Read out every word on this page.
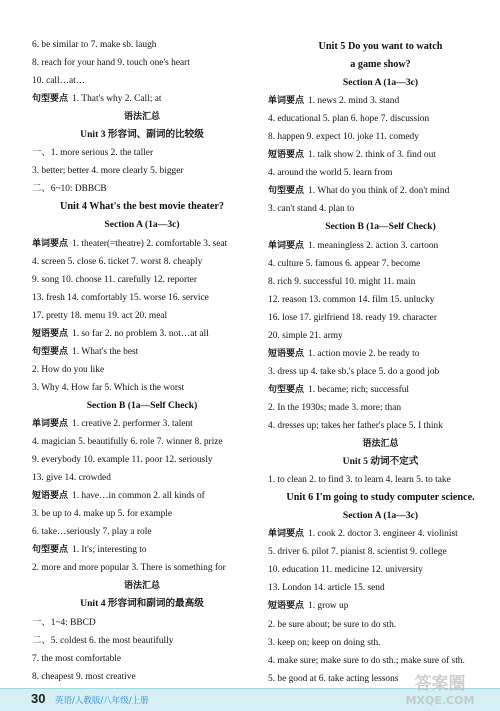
6. be similar to 7. make sb. laugh
8. reach for your hand 9. touch one's heart
10. call…at…
句型要点 1. That's why 2. Call; at
语法汇总
Unit 3 形容词、副词的比较级
一、1. more serious 2. the taller
3. better; better 4. more clearly 5. bigger
二、6~10: DBBCB
Unit 4 What's the best movie theater?
Section A (1a—3c)
单词要点 1. theater(=theatre) 2. comfortable 3. seat
4. screen 5. close 6. ticket 7. worst 8. cheaply
9. song 10. choose 11. carefully 12. reporter
13. fresh 14. comfortably 15. worse 16. service
17. pretty 18. menu 19. act 20. meal
短语要点 1. so far 2. no problem 3. not…at all
句型要点 1. What's the best
2. How do you like
3. Why 4. How far 5. Which is the worst
Section B (1a—Self Check)
单词要点 1. creative 2. performer 3. talent
4. magician 5. beautifully 6. role 7. winner 8. prize
9. everybody 10. example 11. poor 12. seriously
13. give 14. crowded
短语要点 1. have…in common 2. all kinds of
3. be up to 4. make up 5. for example
6. take…seriously 7. play a role
句型要点 1. It's; interesting to
2. more and more popular 3. There is something for
语法汇总
Unit 4 形容词和副词的最高级
一、1~4: BBCD
二、5. coldest 6. the most beautifully
7. the most comfortable
8. cheapest 9. most creative
Unit 5 Do you want to watch
a game show?
Section A (1a—3c)
单词要点 1. news 2. mind 3. stand
4. educational 5. plan 6. hope 7. discussion
8. happen 9. expect 10. joke 11. comedy
短语要点 1. talk show 2. think of 3. find out
4. around the world 5. learn from
句型要点 1. What do you think of 2. don't mind
3. can't stand 4. plan to
Section B (1a—Self Check)
单词要点 1. meaningless 2. action 3. cartoon
4. culture 5. famous 6. appear 7. become
8. rich 9. successful 10. might 11. main
12. reason 13. common 14. film 15. unlucky
16. lose 17. girlfriend 18. ready 19. character
20. simple 21. army
短语要点 1. action movie 2. be ready to
3. dress up 4. take sb.'s place 5. do a good job
句型要点 1. became; rich; successful
2. In the 1930s; made 3. more; than
4. dresses up; takes her father's place 5. I think
语法汇总
Unit 5 动词不定式
1. to clean 2. to find 3. to learn 4. learn 5. to take
Unit 6 I'm going to study computer science.
Section A (1a—3c)
单词要点 1. cook 2. doctor 3. engineer 4. violinist
5. driver 6. pilot 7. pianist 8. scientist 9. college
10. education 11. medicine 12. university
13. London 14. article 15. send
短语要点 1. grow up
2. be sure about; be sure to do sth.
3. keep on; keep on doing sth.
4. make sure; make sure to do sth.; make sure of sth.
5. be good at 6. take acting lessons
30 英语/人教版/八年级/上册
答案圈
MXQE.COM
